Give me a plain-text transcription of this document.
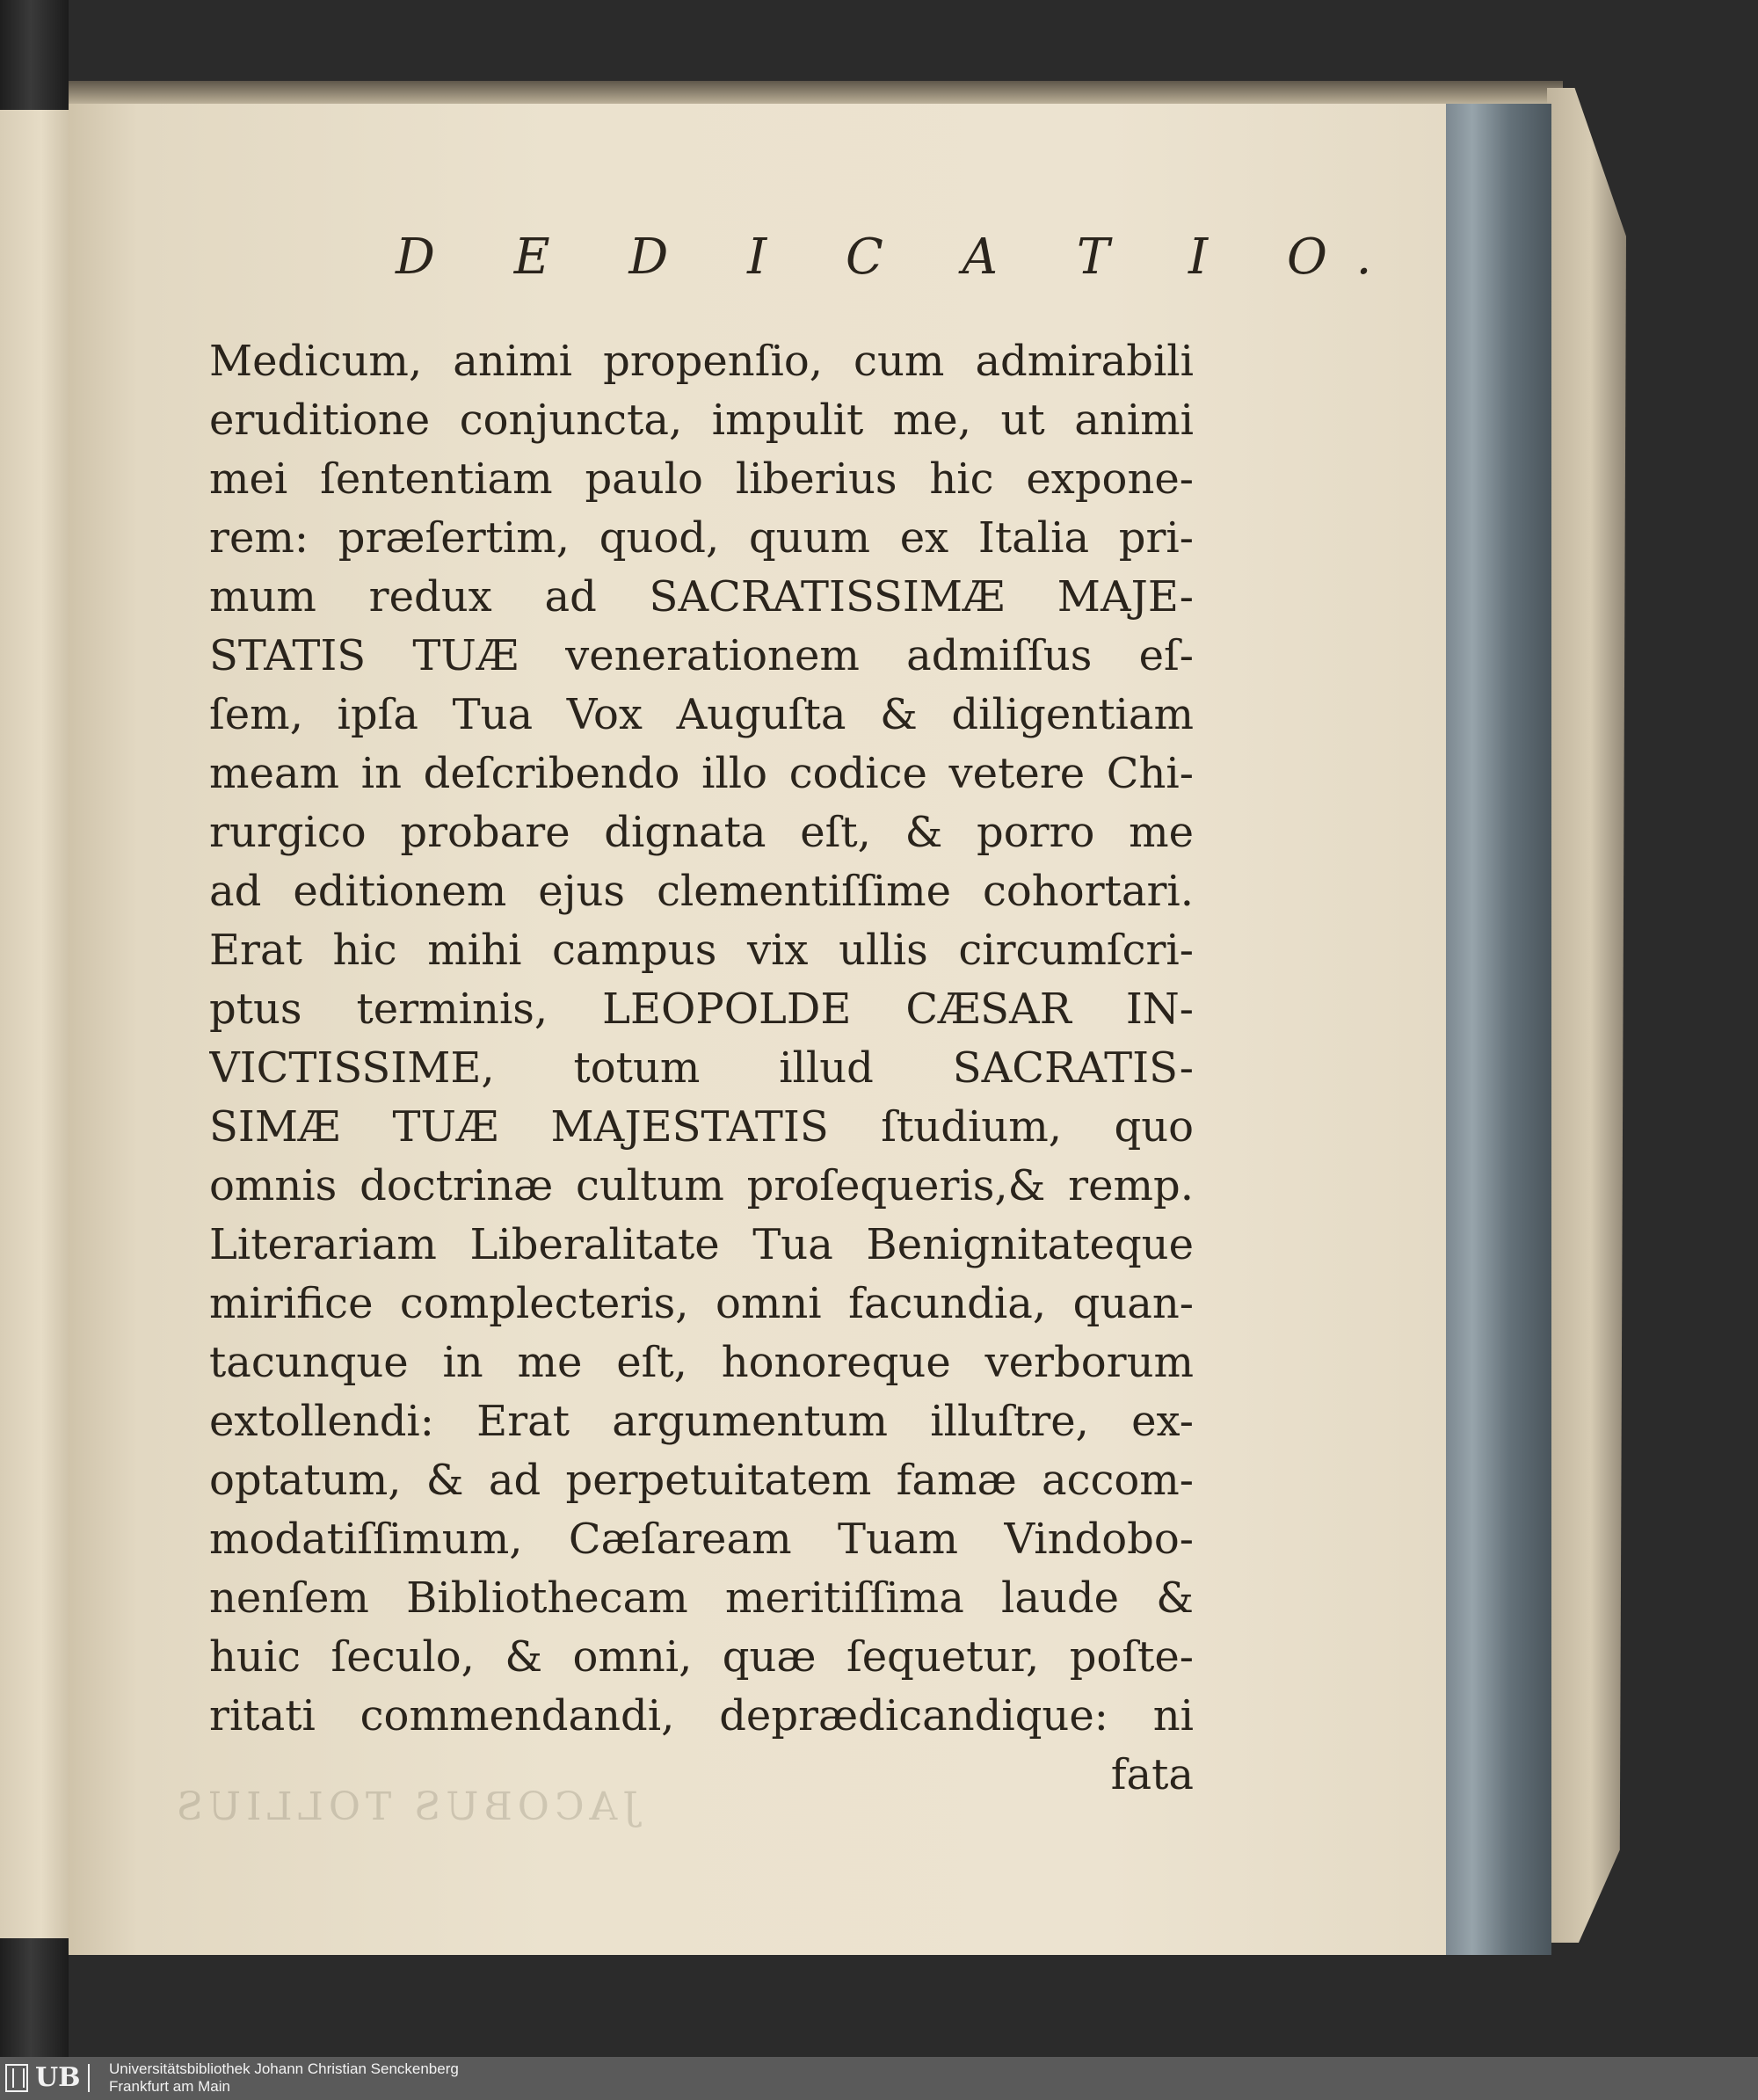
JACOBUS TOLLIUS
D E D I C A T I O.
Medicum, animi propenſio, cum admirabili
eruditione conjuncta, impulit me, ut animi
mei ſententiam paulo liberius hic expone-
rem: præſertim, quod, quum ex Italia pri-
mum redux ad SACRATISSIMÆ MAJE-
STATIS TUÆ venerationem admiſſus eſ-
ſem, ipſa Tua Vox Auguſta & diligentiam
meam in deſcribendo illo codice vetere Chi-
rurgico probare dignata eſt, & porro me
ad editionem ejus clementiſſime cohortari.
Erat hic mihi campus vix ullis circumſcri-
ptus terminis, LEOPOLDE CÆSAR IN-
VICTISSIME, totum illud SACRATIS-
SIMÆ TUÆ MAJESTATIS ſtudium, quo
omnis doctrinæ cultum proſequeris,& remp.
Literariam Liberalitate Tua Benignitateque
mirifice complecteris, omni facundia, quan-
tacunque in me eſt, honoreque verborum
extollendi: Erat argumentum illuſtre, ex-
optatum, & ad perpetuitatem famæ accom-
modatiſſimum, Cæſaream Tuam Vindobo-
nenſem Bibliothecam meritiſſima laude &
huic ſeculo, & omni, quæ ſequetur, poſte-
ritati commendandi, deprædicandique: ni
fata
UB	Universitätsbibliothek Johann Christian Senckenberg
Frankfurt am Main
